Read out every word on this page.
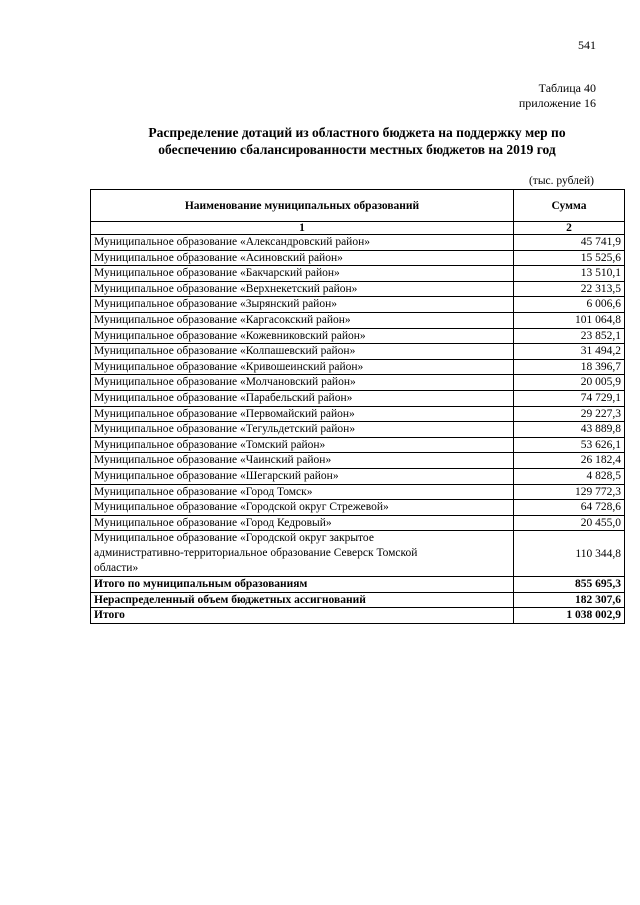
541
Таблица 40
приложение 16
Распределение дотаций из областного бюджета на поддержку мер по
обеспечению сбалансированности местных бюджетов на 2019 год
(тыс. рублей)
Наименование муниципальных образований	Сумма
1	2
Муниципальное образование «Александровский район»	45 741,9
Муниципальное образование «Асиновский район»	15 525,6
Муниципальное образование «Бакчарский район»	13 510,1
Муниципальное образование «Верхнекетский район»	22 313,5
Муниципальное образование «Зырянский район»	6 006,6
Муниципальное образование «Каргасокский район»	101 064,8
Муниципальное образование «Кожевниковский район»	23 852,1
Муниципальное образование «Колпашевский район»	31 494,2
Муниципальное образование «Кривошеинский район»	18 396,7
Муниципальное образование «Молчановский район»	20 005,9
Муниципальное образование «Парабельский район»	74 729,1
Муниципальное образование «Первомайский район»	29 227,3
Муниципальное образование «Тегульдетский район»	43 889,8
Муниципальное образование «Томский район»	53 626,1
Муниципальное образование «Чаинский район»	26 182,4
Муниципальное образование «Шегарский район»	4 828,5
Муниципальное образование «Город Томск»	129 772,3
Муниципальное образование «Городской округ Стрежевой»	64 728,6
Муниципальное образование «Город Кедровый»	20 455,0

Муниципальное образование «Городской округ закрытое
административно-территориальное образование Северск Томской
области»	110 344,8
Итого по муниципальным образованиям	855 695,3
Нераспределенный объем бюджетных ассигнований	182 307,6
Итого	1 038 002,9
